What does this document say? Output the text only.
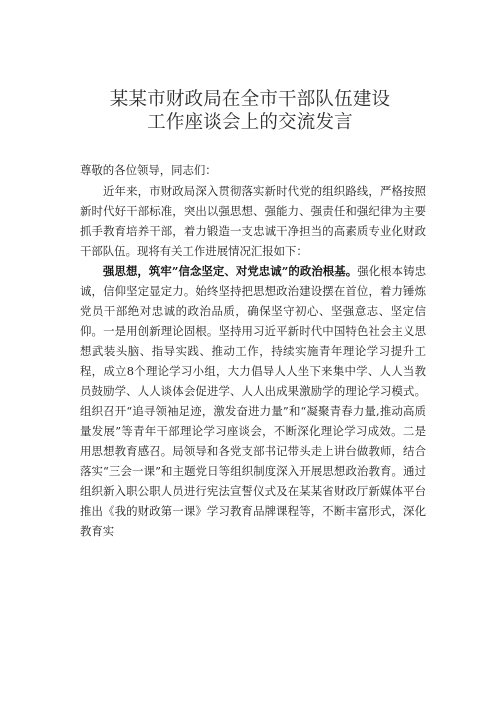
某某市财政局在全市干部队伍建设
工作座谈会上的交流发言

尊敬的各位领导，同志们：

近年来，市财政局深入贯彻落实新时代党的组织路线，严格按照新时代好干部标准，突出以强思想、强能力、强责任和强纪律为主要抓手教育培养干部，着力锻造一支忠诚干净担当的高素质专业化财政干部队伍。现将有关工作进展情况汇报如下：

强思想，筑牢”信念坚定、对党忠诚”的政治根基。强化根本铸忠诚，信仰坚定显定力。始终坚持把思想政治建设摆在首位，着力锤炼党员干部绝对忠诚的政治品质，确保坚守初心、坚强意志、坚定信仰。一是用创新理论固根。坚持用习近平新时代中国特色社会主义思想武装头脑、指导实践、推动工作，持续实施青年理论学习提升工程，成立8个理论学习小组，大力倡导人人坐下来集中学、人人当教员鼓励学、人人谈体会促进学、人人出成果激励学的理论学习模式。组织召开“追寻领袖足迹，激发奋进力量”和“凝聚青春力量,推动高质量发展”等青年干部理论学习座谈会，不断深化理论学习成效。二是用思想教育感召。局领导和各党支部书记带头走上讲台做教师，结合落实“三会一课”和主题党日等组织制度深入开展思想政治教育。通过组织新入职公职人员进行宪法宣誓仪式及在某某省财政厅新媒体平台推出《我的财政第一课》学习教育品牌课程等，不断丰富形式，深化教育实
